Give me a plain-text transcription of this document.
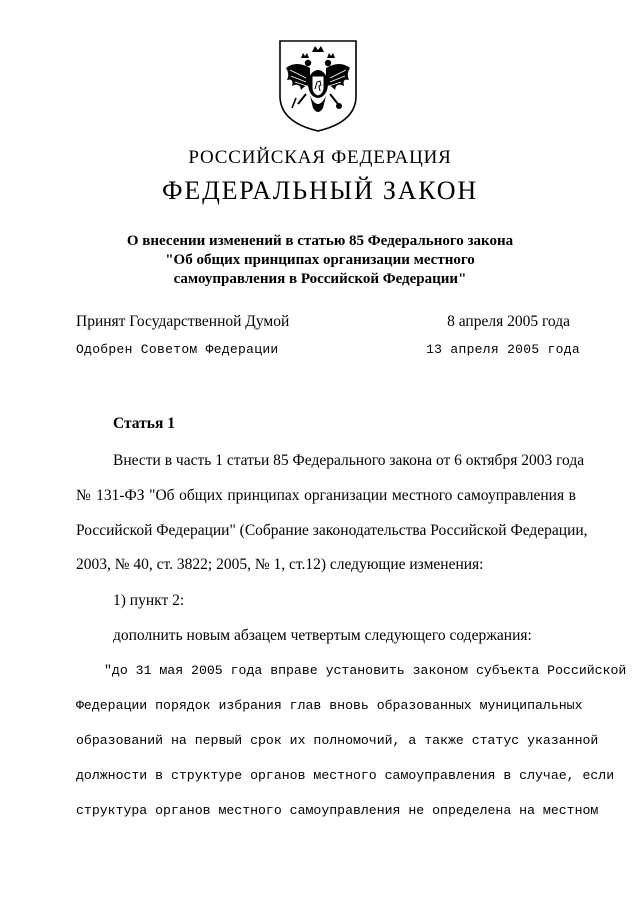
РОССИЙСКАЯ ФЕДЕРАЦИЯ
ФЕДЕРАЛЬНЫЙ ЗАКОН
О внесении изменений в статью 85 Федерального закона
"Об общих принципах организации местного
самоуправления в Российской Федерации"
Принят Государственной Думой	8 апреля 2005 года
Одобрен Советом Федерации	13 апреля 2005 года
Статья 1
Внести в часть 1 статьи 85 Федерального закона от 6 октября 2003 года
№ 131-ФЗ "Об общих принципах организации местного самоуправления в
Российской Федерации" (Собрание законодательства Российской Федерации,
2003, № 40, ст. 3822; 2005, № 1, ст.12) следующие изменения:
1) пункт 2:
дополнить новым абзацем четвертым следующего содержания:
"до 31 мая 2005 года вправе установить законом субъекта Российской
Федерации порядок избрания глав вновь образованных муниципальных
образований на первый срок их полномочий, а также статус указанной
должности в структуре органов местного самоуправления в случае, если
структура органов местного самоуправления не определена на местном
